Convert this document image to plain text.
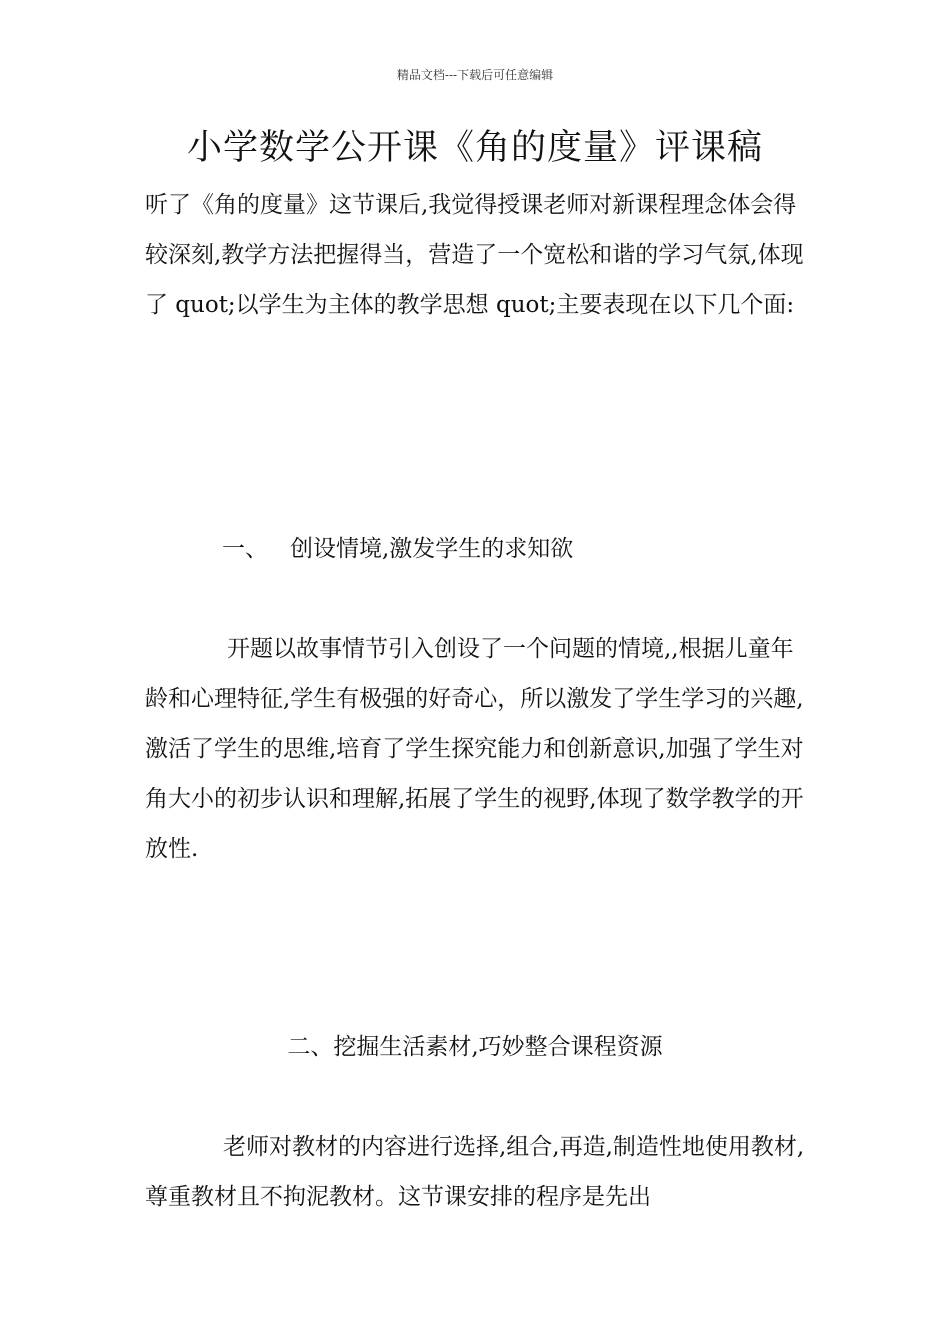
精品文档---下载后可任意编辑
小学数学公开课《角的度量》评课稿

听了《角的度量》这节课后,我觉得授课老师对新课程理念体会得较深刻,教学方法把握得当，营造了一个宽松和谐的学习气氛,体现了 quot;以学生为主体的教学思想 quot;主要表现在以下几个面:

一、 创设情境,激发学生的求知欲

开题以故事情节引入创设了一个问题的情境,,根据儿童年龄和心理特征,学生有极强的好奇心，所以激发了学生学习的兴趣,激活了学生的思维,培育了学生探究能力和创新意识,加强了学生对角大小的初步认识和理解,拓展了学生的视野,体现了数学教学的开放性.

二、挖掘生活素材,巧妙整合课程资源

老师对教材的内容进行选择,组合,再造,制造性地使用教材,尊重教材且不拘泥教材。这节课安排的程序是先出
